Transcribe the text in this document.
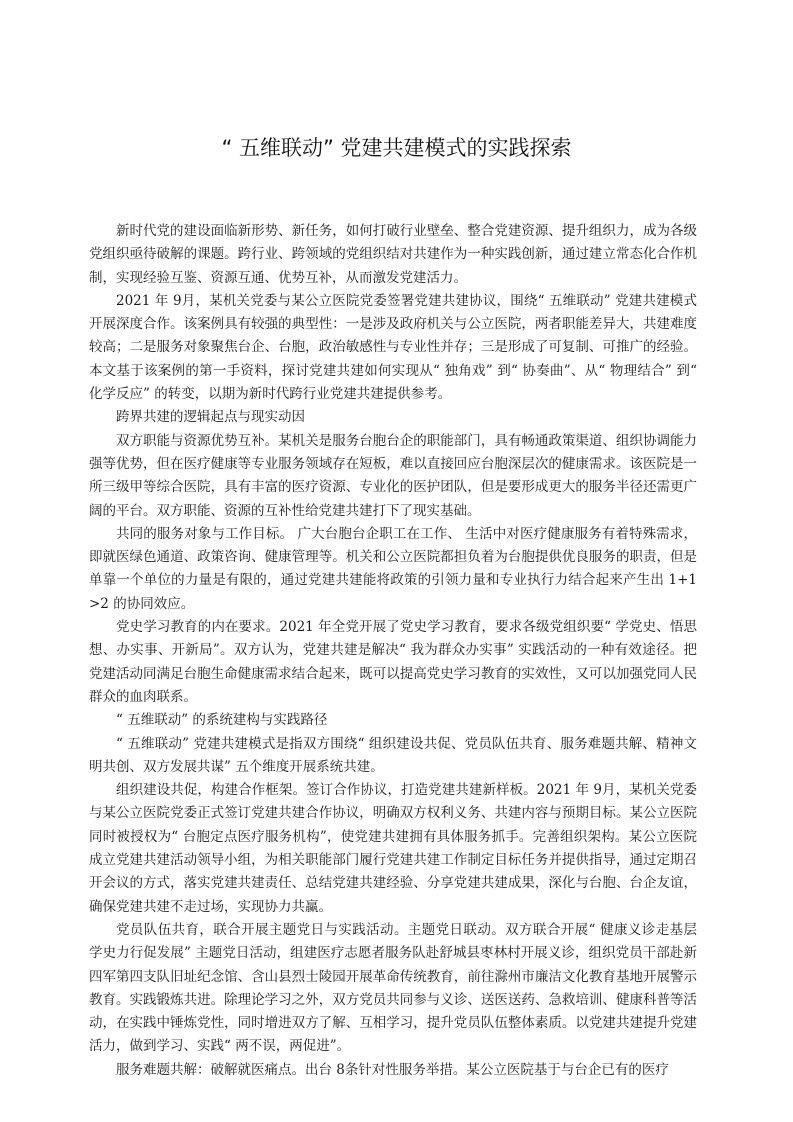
“ 五维联动” 党建共建模式的实践探索

新时代党的建设面临新形势、新任务，如何打破行业壁垒、整合党建资源、提升组织力，成为各级党组织亟待破解的课题。跨行业、跨领域的党组织结对共建作为一种实践创新，通过建立常态化合作机制，实现经验互鉴、资源互通、优势互补，从而激发党建活力。

2021 年 9月，某机关党委与某公立医院党委签署党建共建协议，围绕“ 五维联动” 党建共建模式开展深度合作。该案例具有较强的典型性：一是涉及政府机关与公立医院，两者职能差异大，共建难度较高；二是服务对象聚焦台企、台胞，政治敏感性与专业性并存；三是形成了可复制、可推广的经验。本文基于该案例的第一手资料，探讨党建共建如何实现从“ 独角戏” 到“ 协奏曲”、从“ 物理结合” 到“ 化学反应” 的转变，以期为新时代跨行业党建共建提供参考。

跨界共建的逻辑起点与现实动因

双方职能与资源优势互补。某机关是服务台胞台企的职能部门，具有畅通政策渠道、组织协调能力强等优势，但在医疗健康等专业服务领域存在短板，难以直接回应台胞深层次的健康需求。该医院是一所三级甲等综合医院，具有丰富的医疗资源、专业化的医护团队，但是要形成更大的服务半径还需更广阔的平台。双方职能、资源的互补性给党建共建打下了现实基础。

共同的服务对象与工作目标。 广大台胞台企职工在工作、 生活中对医疗健康服务有着特殊需求，即就医绿色通道、政策咨询、健康管理等。机关和公立医院都担负着为台胞提供优良服务的职责，但是单靠一个单位的力量是有限的，通过党建共建能将政策的引领力量和专业执行力结合起来产生出 1+1>2 的协同效应。

党史学习教育的内在要求。2021 年全党开展了党史学习教育，要求各级党组织要“ 学党史、悟思想、办实事、开新局”。双方认为，党建共建是解决“ 我为群众办实事” 实践活动的一种有效途径。把党建活动同满足台胞生命健康需求结合起来，既可以提高党史学习教育的实效性，又可以加强党同人民群众的血肉联系。

“ 五维联动” 的系统建构与实践路径

“ 五维联动” 党建共建模式是指双方围绕“ 组织建设共促、党员队伍共育、服务难题共解、精神文明共创、双方发展共谋” 五个维度开展系统共建。

组织建设共促，构建合作框架。签订合作协议，打造党建共建新样板。2021 年 9月，某机关党委与某公立医院党委正式签订党建共建合作协议，明确双方权利义务、共建内容与预期目标。某公立医院同时被授权为“ 台胞定点医疗服务机构”，使党建共建拥有具体服务抓手。完善组织架构。某公立医院成立党建共建活动领导小组，为相关职能部门履行党建共建工作制定目标任务并提供指导，通过定期召开会议的方式，落实党建共建责任、总结党建共建经验、分享党建共建成果，深化与台胞、台企友谊，确保党建共建不走过场，实现协力共赢。

党员队伍共育，联合开展主题党日与实践活动。主题党日联动。双方联合开展“ 健康义诊走基层 学史力行促发展” 主题党日活动，组建医疗志愿者服务队赴舒城县枣林村开展义诊，组织党员干部赴新四军第四支队旧址纪念馆、含山县烈士陵园开展革命传统教育，前往滁州市廉洁文化教育基地开展警示教育。实践锻炼共进。除理论学习之外，双方党员共同参与义诊、送医送药、急救培训、健康科普等活动，在实践中锤炼党性，同时增进双方了解、互相学习，提升党员队伍整体素质。以党建共建提升党建活力，做到学习、实践“ 两不误，两促进”。

服务难题共解：破解就医痛点。出台 8条针对性服务举措。某公立医院基于与台企已有的医疗
